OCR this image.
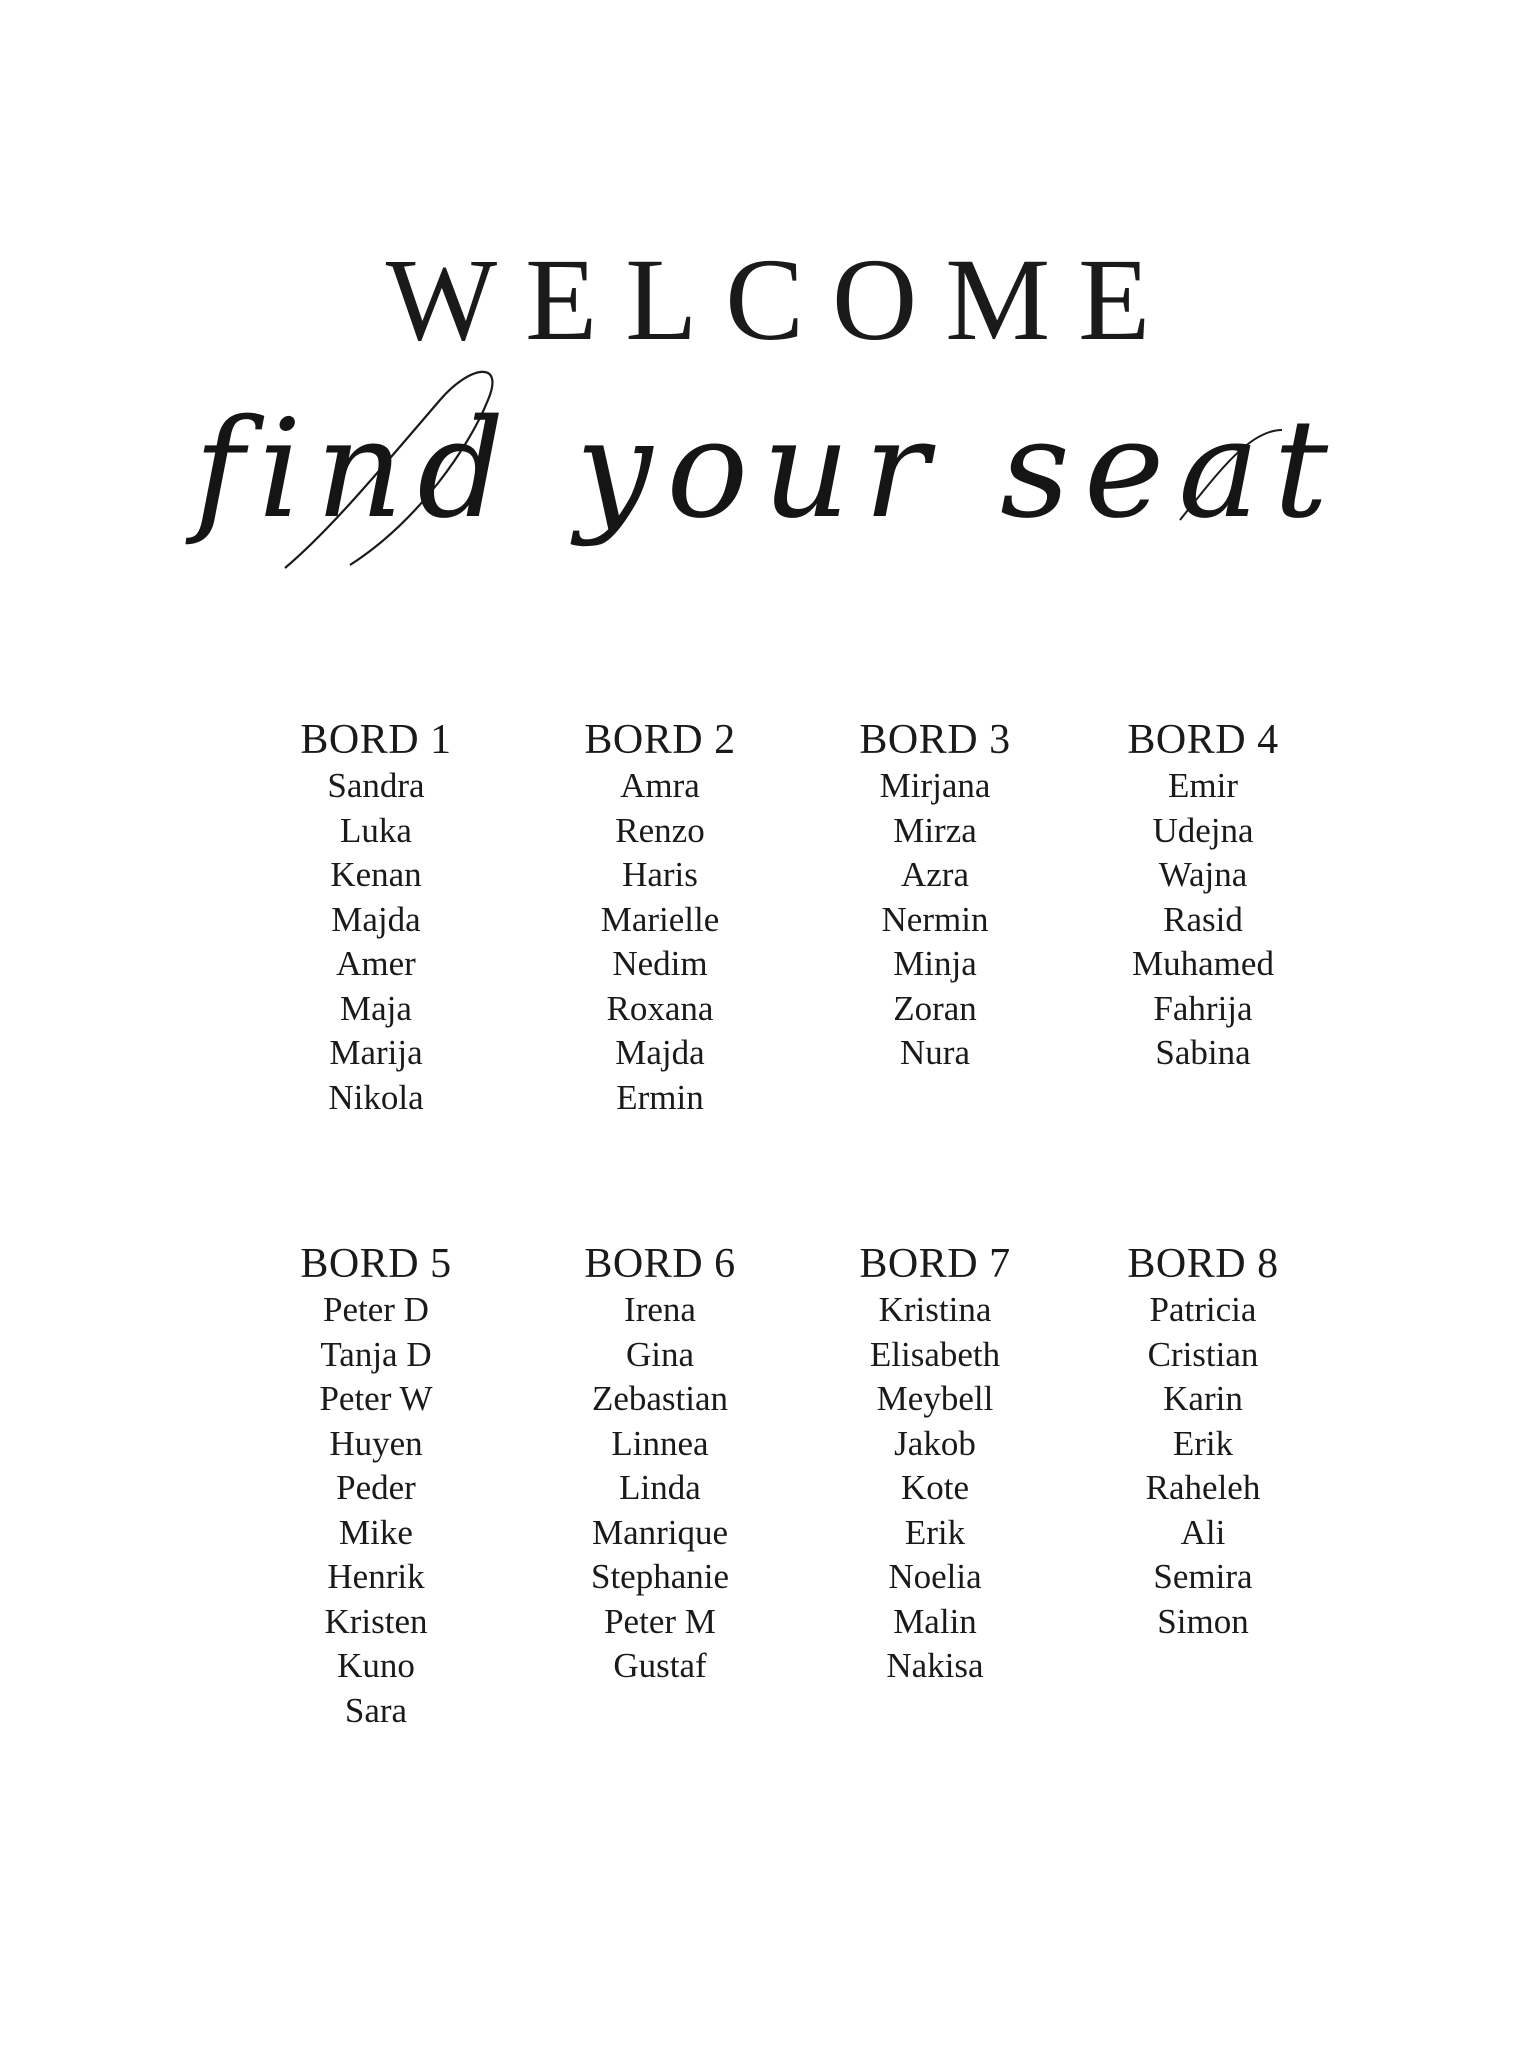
WELCOME
find your seat
BORD 1
Sandra
Luka
Kenan
Majda
Amer
Maja
Marija
Nikola
BORD 2
Amra
Renzo
Haris
Marielle
Nedim
Roxana
Majda
Ermin
BORD 3
Mirjana
Mirza
Azra
Nermin
Minja
Zoran
Nura
BORD 4
Emir
Udejna
Wajna
Rasid
Muhamed
Fahrija
Sabina
BORD 5
Peter D
Tanja D
Peter W
Huyen
Peder
Mike
Henrik
Kristen
Kuno
Sara
BORD 6
Irena
Gina
Zebastian
Linnea
Linda
Manrique
Stephanie
Peter M
Gustaf
BORD 7
Kristina
Elisabeth
Meybell
Jakob
Kote
Erik
Noelia
Malin
Nakisa
BORD 8
Patricia
Cristian
Karin
Erik
Raheleh
Ali
Semira
Simon
